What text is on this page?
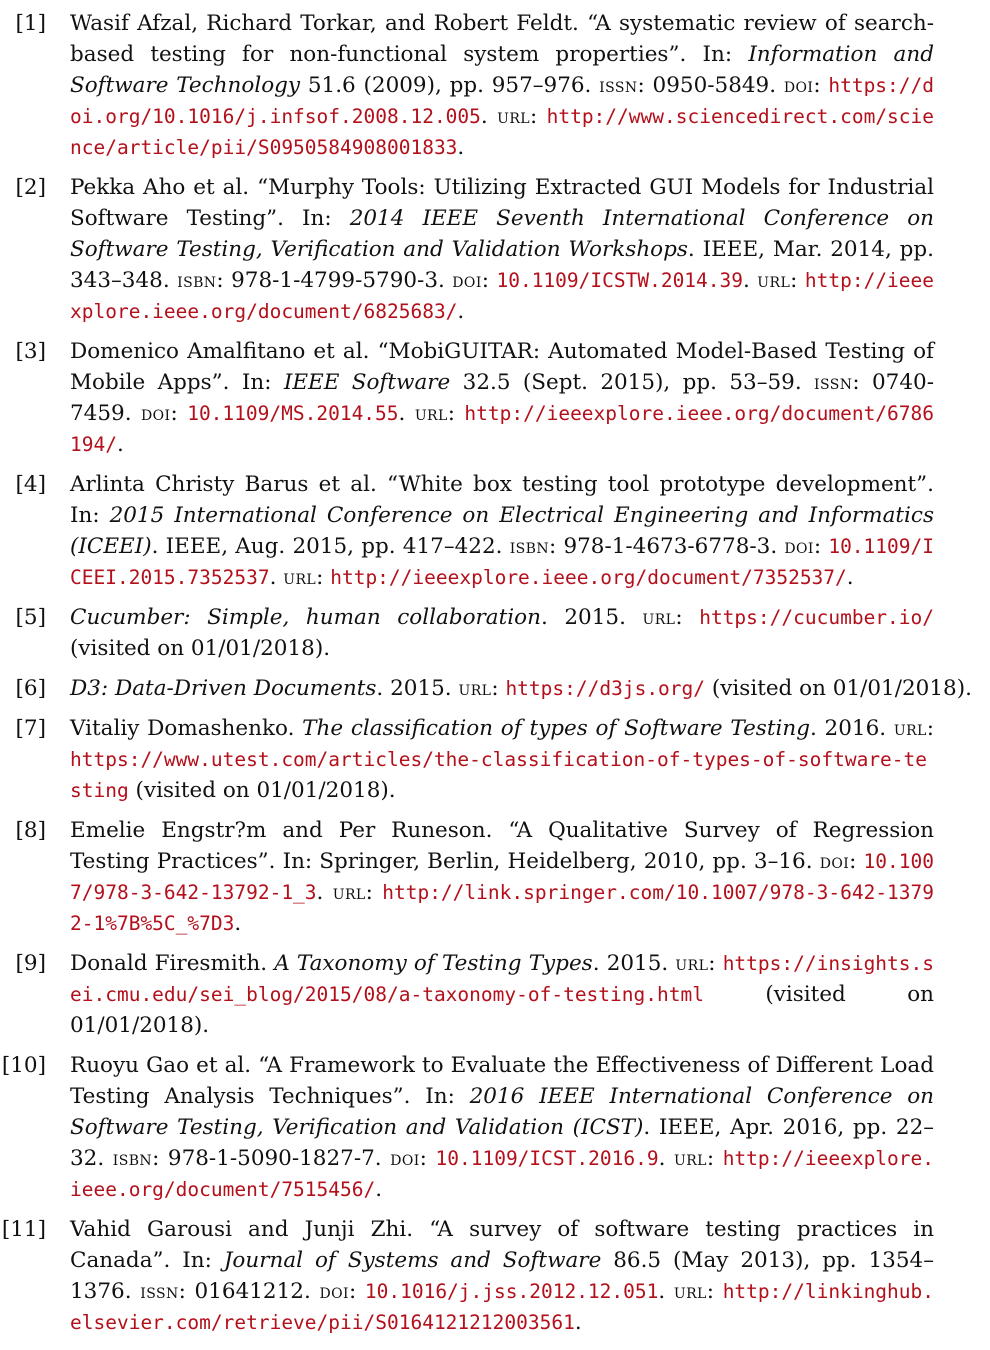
[1] Wasif Afzal, Richard Torkar, and Robert Feldt. “A systematic review of search-based testing for non-functional system properties”. In: Information and Software Technology 51.6 (2009), pp. 957–976. issn: 0950-5849. doi: https://doi.org/10.1016/j.infsof.2008.12.005. url: http://www.sciencedirect.com/science/article/pii/S0950584908001833.
[2] Pekka Aho et al. “Murphy Tools: Utilizing Extracted GUI Models for Industrial Software Testing”. In: 2014 IEEE Seventh International Conference on Software Testing, Verification and Validation Workshops. IEEE, Mar. 2014, pp. 343–348. isbn: 978-1-4799-5790-3. doi: 10.1109/ICSTW.2014.39. url: http://ieeexplore.ieee.org/document/6825683/.
[3] Domenico Amalfitano et al. “MobiGUITAR: Automated Model-Based Testing of Mobile Apps”. In: IEEE Software 32.5 (Sept. 2015), pp. 53–59. issn: 0740-7459. doi: 10.1109/MS.2014.55. url: http://ieeexplore.ieee.org/document/6786194/.
[4] Arlinta Christy Barus et al. “White box testing tool prototype development”. In: 2015 International Conference on Electrical Engineering and Informatics (ICEEI). IEEE, Aug. 2015, pp. 417–422. isbn: 978-1-4673-6778-3. doi: 10.1109/ICEEI.2015.7352537. url: http://ieeexplore.ieee.org/document/7352537/.
[5] Cucumber: Simple, human collaboration. 2015. url: https://cucumber.io/ (visited on 01/01/2018).
[6] D3: Data-Driven Documents. 2015. url: https://d3js.org/ (visited on 01/01/2018).
[7] Vitaliy Domashenko. The classification of types of Software Testing. 2016. url: https://www.utest.com/articles/the-classification-of-types-of-software-testing (visited on 01/01/2018).
[8] Emelie Engstr?m and Per Runeson. “A Qualitative Survey of Regression Testing Practices”. In: Springer, Berlin, Heidelberg, 2010, pp. 3–16. doi: 10.1007/978-3-642-13792-1_3. url: http://link.springer.com/10.1007/978-3-642-13792-1%7B%5C_%7D3.
[9] Donald Firesmith. A Taxonomy of Testing Types. 2015. url: https://insights.sei.cmu.edu/sei_blog/2015/08/a-taxonomy-of-testing.html	(visited on 01/01/2018).
[10] Ruoyu Gao et al. “A Framework to Evaluate the Effectiveness of Different Load Testing Analysis Techniques”. In: 2016 IEEE International Conference on Software Testing, Verification and Validation (ICST). IEEE, Apr. 2016, pp. 22–32. isbn: 978-1-5090-1827-7. doi: 10.1109/ICST.2016.9. url: http://ieeexplore.ieee.org/document/7515456/.
[11] Vahid Garousi and Junji Zhi. “A survey of software testing practices in Canada”. In: Journal of Systems and Software 86.5 (May 2013), pp. 1354–1376. issn: 01641212. doi: 10.1016/j.jss.2012.12.051. url: http://linkinghub.elsevier.com/retrieve/pii/S0164121212003561.
